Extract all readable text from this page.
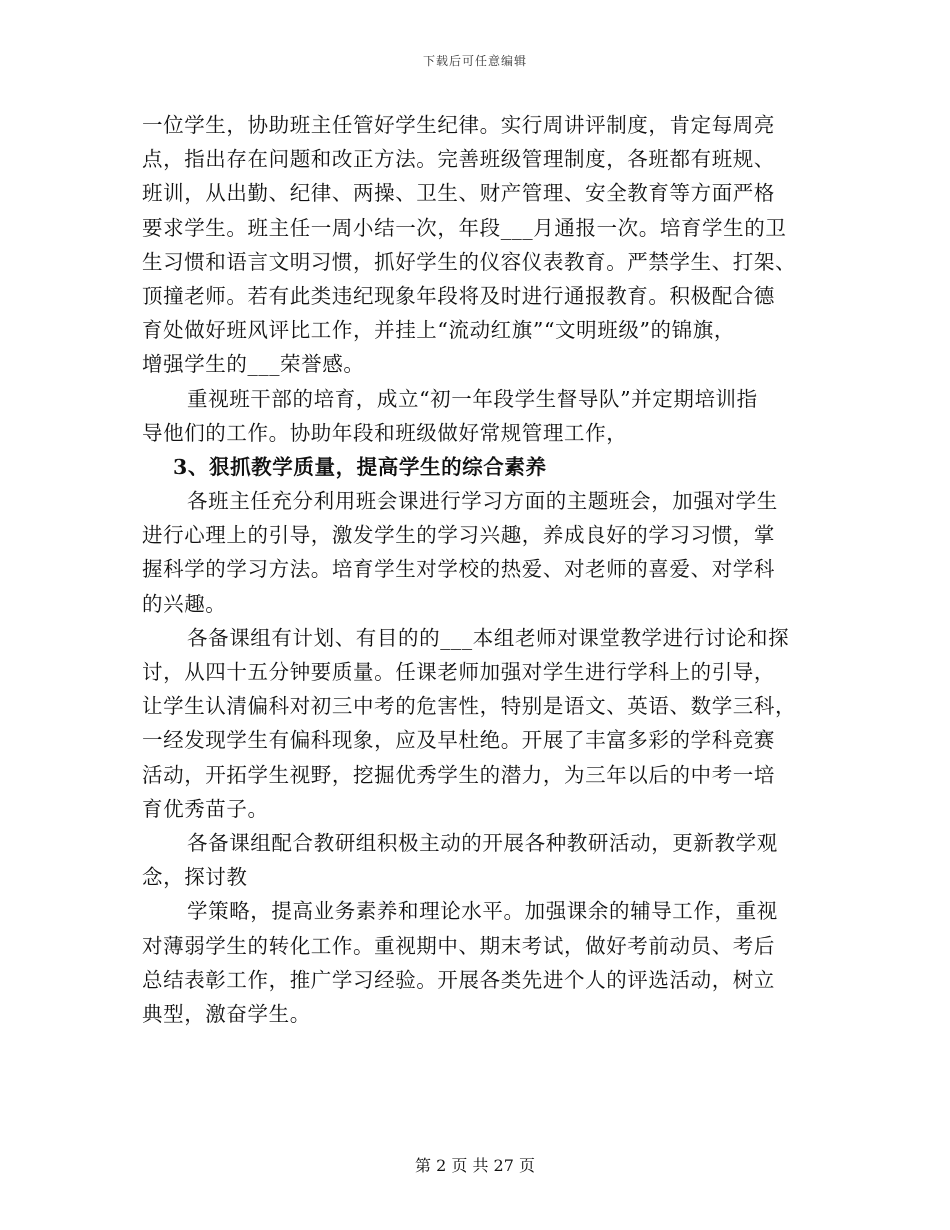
下载后可任意编辑
一位学生，协助班主任管好学生纪律。实行周讲评制度，肯定每周亮
点，指出存在问题和改正方法。完善班级管理制度，各班都有班规、
班训，从出勤、纪律、两操、卫生、财产管理、安全教育等方面严格
要求学生。班主任一周小结一次，年段___月通报一次。培育学生的卫
生习惯和语言文明习惯，抓好学生的仪容仪表教育。严禁学生、打架、
顶撞老师。若有此类违纪现象年段将及时进行通报教育。积极配合德
育处做好班风评比工作，并挂上“流动红旗”“文明班级”的锦旗，
增强学生的___荣誉感。
重视班干部的培育，成立“初一年段学生督导队”并定期培训指
导他们的工作。协助年段和班级做好常规管理工作，
3、狠抓教学质量，提高学生的综合素养
各班主任充分利用班会课进行学习方面的主题班会，加强对学生
进行心理上的引导，激发学生的学习兴趣，养成良好的学习习惯，掌
握科学的学习方法。培育学生对学校的热爱、对老师的喜爱、对学科
的兴趣。
各备课组有计划、有目的的___本组老师对课堂教学进行讨论和探
讨，从四十五分钟要质量。任课老师加强对学生进行学科上的引导，
让学生认清偏科对初三中考的危害性，特别是语文、英语、数学三科，
一经发现学生有偏科现象，应及早杜绝。开展了丰富多彩的学科竞赛
活动，开拓学生视野，挖掘优秀学生的潜力，为三年以后的中考一培
育优秀苗子。
各备课组配合教研组积极主动的开展各种教研活动，更新教学观
念，探讨教
学策略，提高业务素养和理论水平。加强课余的辅导工作，重视
对薄弱学生的转化工作。重视期中、期末考试，做好考前动员、考后
总结表彰工作，推广学习经验。开展各类先进个人的评选活动，树立
典型，激奋学生。
第 2 页 共 27 页
